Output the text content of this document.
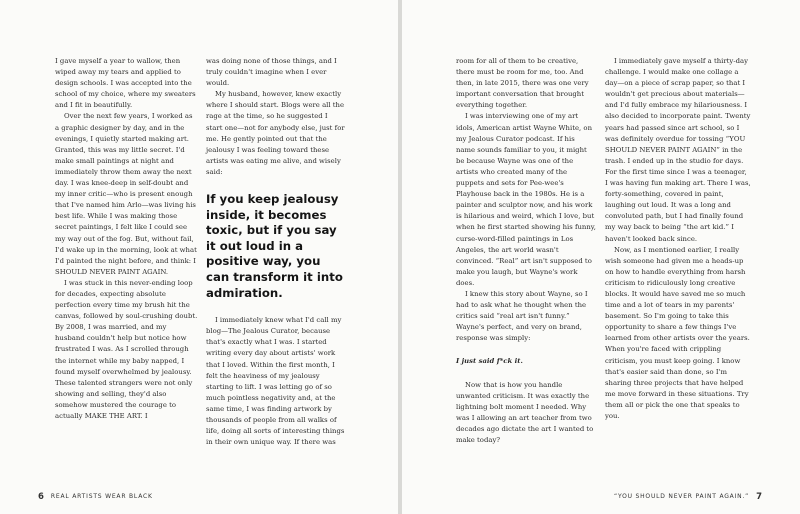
I gave myself a year to wallow, then wiped away my tears and applied to design schools. I was accepted into the school of my choice, where my sweaters and I fit in beautifully.

Over the next few years, I worked as a graphic designer by day, and in the evenings, I quietly started making art. Granted, this was my little secret. I'd make small paintings at night and immediately throw them away the next day. I was knee-deep in self-doubt and my inner critic—who is present enough that I've named him Arlo—was living his best life. While I was making those secret paintings, I felt like I could see my way out of the fog. But, without fail, I'd wake up in the morning, look at what I'd painted the night before, and think: I SHOULD NEVER PAINT AGAIN.

I was stuck in this never-ending loop for decades, expecting absolute perfection every time my brush hit the canvas, followed by soul-crushing doubt. By 2008, I was married, and my husband couldn't help but notice how frustrated I was. As I scrolled through the internet while my baby napped, I found myself overwhelmed by jealousy. These talented strangers were not only showing and selling, they'd also somehow mustered the courage to actually MAKE THE ART. I

was doing none of those things, and I truly couldn't imagine when I ever would.

My husband, however, knew exactly where I should start. Blogs were all the rage at the time, so he suggested I start one—not for anybody else, just for me. He gently pointed out that the jealousy I was feeling toward these artists was eating me alive, and wisely said:

If you keep jealousy inside, it becomes toxic, but if you say it out loud in a positive way, you can transform it into admiration.

I immediately knew what I'd call my blog—The Jealous Curator, because that's exactly what I was. I started writing every day about artists' work that I loved. Within the first month, I felt the heaviness of my jealousy starting to lift. I was letting go of so much pointless negativity and, at the same time, I was finding artwork by thousands of people from all walks of life, doing all sorts of interesting things in their own unique way. If there was

room for all of them to be creative, there must be room for me, too. And then, in late 2015, there was one very important conversation that brought everything together.

I was interviewing one of my art idols, American artist Wayne White, on my Jealous Curator podcast. If his name sounds familiar to you, it might be because Wayne was one of the artists who created many of the puppets and sets for Pee-wee's Playhouse back in the 1980s. He is a painter and sculptor now, and his work is hilarious and weird, which I love, but when he first started showing his funny, curse-word-filled paintings in Los Angeles, the art world wasn't convinced. “Real” art isn't supposed to make you laugh, but Wayne's work does.

I knew this story about Wayne, so I had to ask what he thought when the critics said “real art isn't funny.” Wayne's perfect, and very on brand, response was simply:

I just said f*ck it.

Now that is how you handle unwanted criticism. It was exactly the lightning bolt moment I needed. Why was I allowing an art teacher from two decades ago dictate the art I wanted to make today?

I immediately gave myself a thirty-day challenge. I would make one collage a day—on a piece of scrap paper, so that I wouldn't get precious about materials—and I'd fully embrace my hilariousness. I also decided to incorporate paint. Twenty years had passed since art school, so I was definitely overdue for tossing “YOU SHOULD NEVER PAINT AGAIN” in the trash. I ended up in the studio for days. For the first time since I was a teenager, I was having fun making art. There I was, forty-something, covered in paint, laughing out loud. It was a long and convoluted path, but I had finally found my way back to being “the art kid.” I haven't looked back since.

Now, as I mentioned earlier, I really wish someone had given me a heads-up on how to handle everything from harsh criticism to ridiculously long creative blocks. It would have saved me so much time and a lot of tears in my parents' basement. So I'm going to take this opportunity to share a few things I've learned from other artists over the years. When you're faced with crippling criticism, you must keep going. I know that's easier said than done, so I'm sharing three projects that have helped me move forward in these situations. Try them all or pick the one that speaks to you.

6 REAL ARTISTS WEAR BLACK	“YOU SHOULD NEVER PAINT AGAIN.” 7
